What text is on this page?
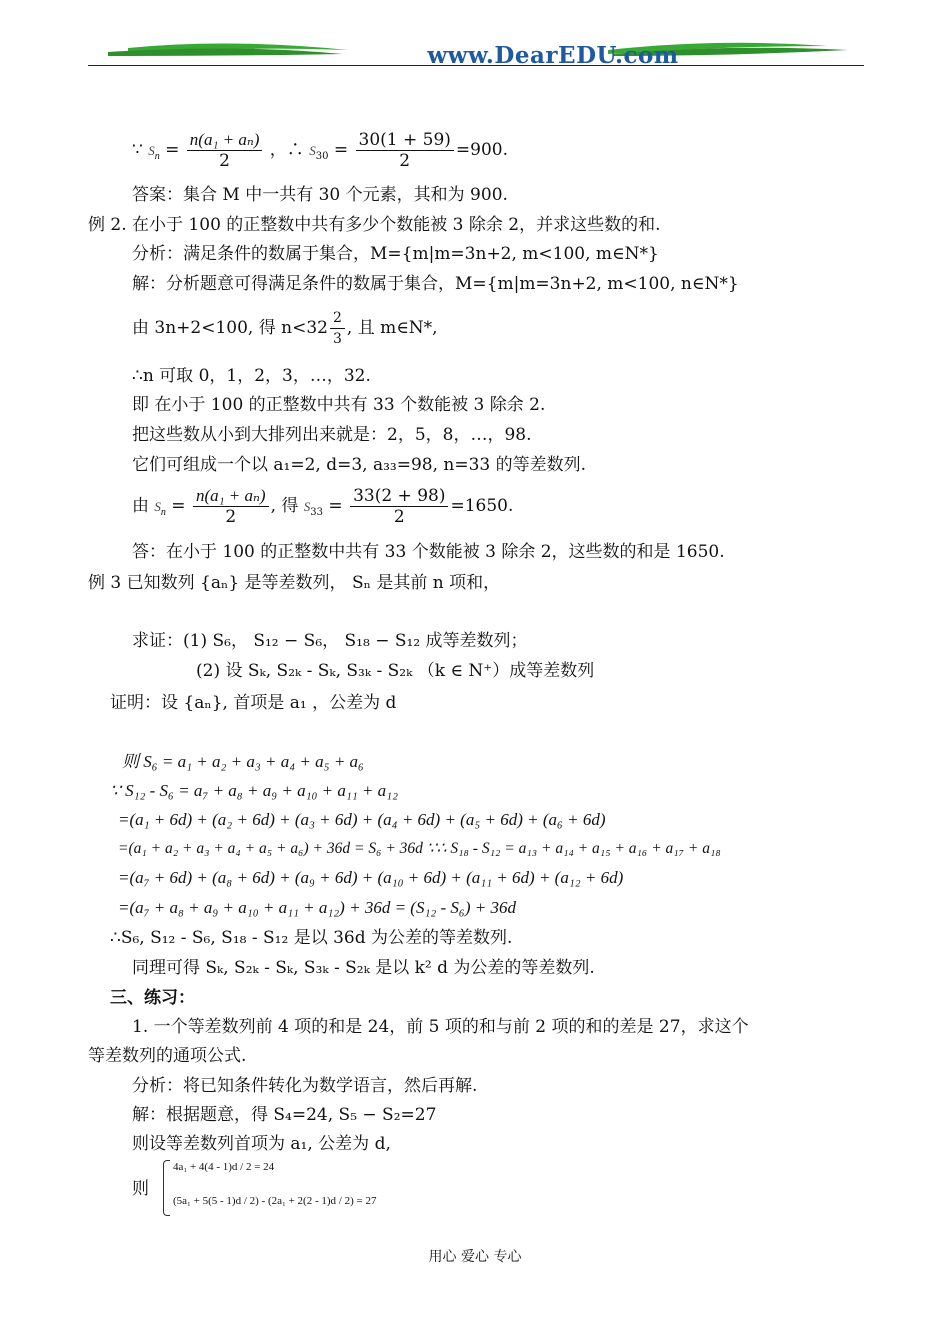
www.DearEDU.com
∵ $S_n = \frac{\text{n(a₁ + aₙ)}}{2}$ ，∴ $S_{30} = \frac{30(1 + 59)}{2} =900$.
答案：集合 M 中一共有 30 个元素，其和为 900.
例 2. 在小于 100 的正整数中共有多少个数能被 3 除余 2，并求这些数的和.
分析：满足条件的数属于集合，M={m|m=3n+2, m<100, m∈N*}
解：分析题意可得满足条件的数属于集合，M={m|m=3n+2, m<100, n∈N*}
由 3n+2<100, 得 $n<32 \frac{2}{3}$ , 且 m∈N*,
∴n 可取 0，1，2，3，…，32.
即 在小于 100 的正整数中共有 33 个数能被 3 除余 2.
把这些数从小到大排列出来就是：2，5，8，…，98.
它们可组成一个以 a₁=2, d=3, a₃₃=98, n=33 的等差数列.
由 $S_n = \frac{\text{n(a₁ + aₙ)}}{2}$ , 得 $S_{33} = \frac{33(2 + 98)}{2} =1650$.
答：在小于 100 的正整数中共有 33 个数能被 3 除余 2，这些数的和是 1650.
例 3 已知数列 {aₙ} 是等差数列， Sₙ 是其前 n 项和，
求证：(1) S₆， S₁₂ − S₆， S₁₈ − S₁₂ 成等差数列；
(2) 设 Sₖ, S₂ₖ - Sₖ, S₃ₖ - S₂ₖ （k ∈ N⁺）成等差数列
证明：设 {aₙ}, 首项是 a₁ ，公差为 d
则 S₆ = a₁ + a₂ + a₃ + a₄ + a₅ + a₆
∵ S₁₂ - S₆ = a₇ + a₈ + a₉ + a₁₀ + a₁₁ + a₁₂
=(a₁ + 6d) + (a₂ + 6d) + (a₃ + 6d) + (a₄ + 6d) + (a₅ + 6d) + (a₆ + 6d)
=(a₁ + a₂ + a₃ + a₄ + a₅ + a₆) + 36d = S₆ + 36d ∵∴ S₁₈ - S₁₂ = a₁₃ + a₁₄ + a₁₅ + a₁₆ + a₁₇ + a₁₈
=(a₇ + 6d) + (a₈ + 6d) + (a₉ + 6d) + (a₁₀ + 6d) + (a₁₁ + 6d) + (a₁₂ + 6d)
=(a₇ + a₈ + a₉ + a₁₀ + a₁₁ + a₁₂) + 36d = (S₁₂ - S₆) + 36d
∴S₆, S₁₂ - S₆, S₁₈ - S₁₂ 是以 36d 为公差的等差数列.
同理可得 Sₖ, S₂ₖ - Sₖ, S₃ₖ - S₂ₖ 是以 k² d 为公差的等差数列.
三、练习：
1. 一个等差数列前 4 项的和是 24，前 5 项的和与前 2 项的和的差是 27，求这个
等差数列的通项公式.
分析：将已知条件转化为数学语言，然后再解.
解：根据题意，得 S₄=24, S₅ − S₂=27
则设等差数列首项为 a₁, 公差为 d,
则
4a₁ + 4(4 - 1)d / 2 = 24
(5a₁ + 5(5 - 1)d / 2) - (2a₁ + 2(2 - 1)d / 2) = 27
用心 爱心 专心
